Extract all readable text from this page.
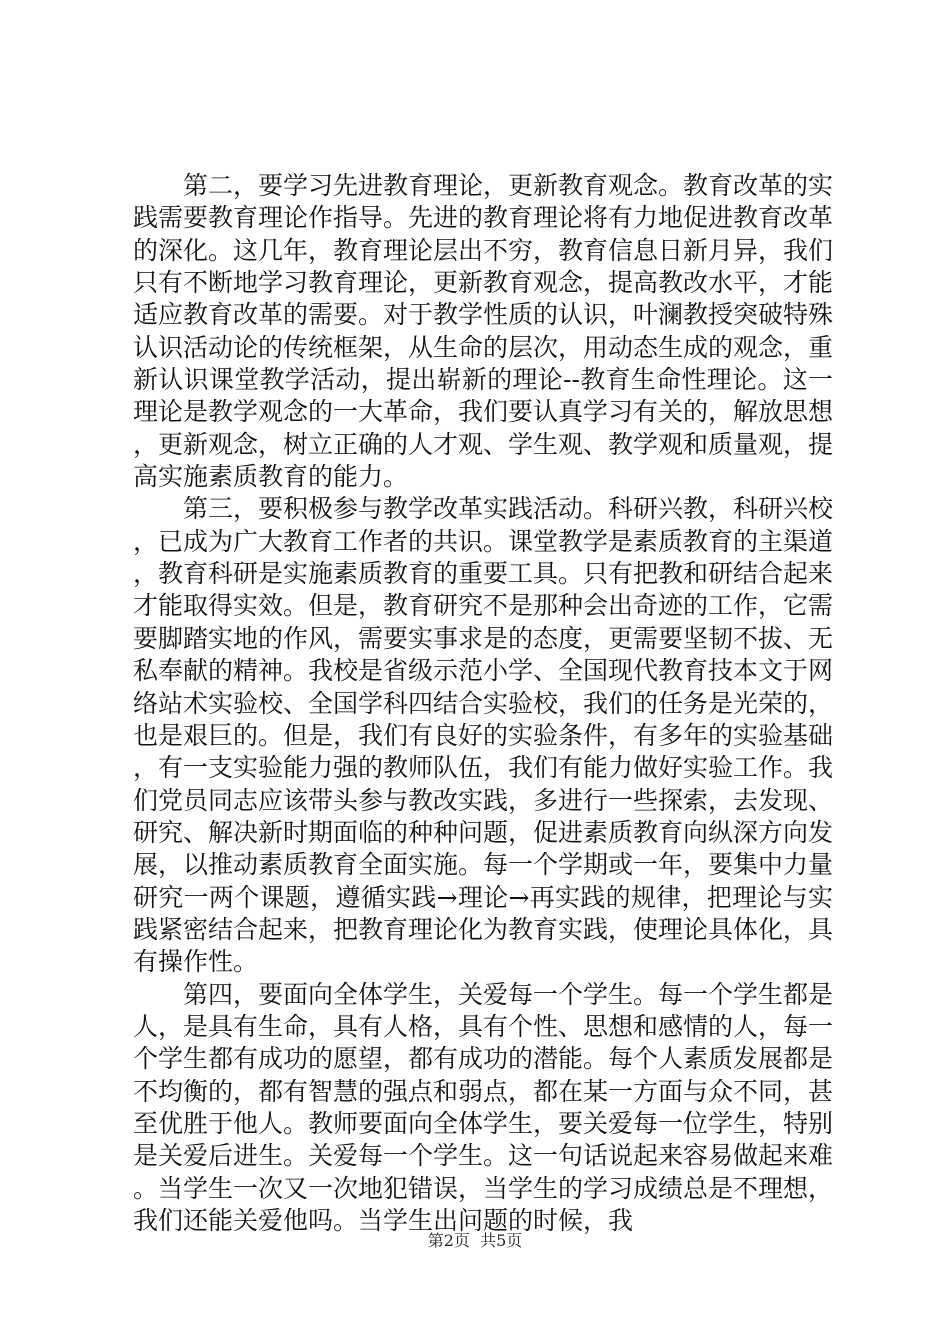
第二，要学习先进教育理论，更新教育观念。教育改革的实践需要教育理论作指导。先进的教育理论将有力地促进教育改革的深化。这几年，教育理论层出不穷，教育信息日新月异，我们只有不断地学习教育理论，更新教育观念，提高教改水平，才能适应教育改革的需要。对于教学性质的认识，叶澜教授突破特殊认识活动论的传统框架，从生命的层次，用动态生成的观念，重新认识课堂教学活动，提出崭新的理论--教育生命性理论。这一理论是教学观念的一大革命，我们要认真学习有关的，解放思想，更新观念，树立正确的人才观、学生观、教学观和质量观，提高实施素质教育的能力。

第三，要积极参与教学改革实践活动。科研兴教，科研兴校，已成为广大教育工作者的共识。课堂教学是素质教育的主渠道，教育科研是实施素质教育的重要工具。只有把教和研结合起来才能取得实效。但是，教育研究不是那种会出奇迹的工作，它需要脚踏实地的作风，需要实事求是的态度，更需要坚韧不拔、无私奉献的精神。我校是省级示范小学、全国现代教育技本文于网络站术实验校、全国学科四结合实验校，我们的任务是光荣的，也是艰巨的。但是，我们有良好的实验条件，有多年的实验基础，有一支实验能力强的教师队伍，我们有能力做好实验工作。我们党员同志应该带头参与教改实践，多进行一些探索，去发现、研究、解决新时期面临的种种问题，促进素质教育向纵深方向发展，以推动素质教育全面实施。每一个学期或一年，要集中力量研究一两个课题，遵循实践→理论→再实践的规律，把理论与实践紧密结合起来，把教育理论化为教育实践，使理论具体化，具有操作性。

第四，要面向全体学生，关爱每一个学生。每一个学生都是人，是具有生命，具有人格，具有个性、思想和感情的人，每一个学生都有成功的愿望，都有成功的潜能。每个人素质发展都是不均衡的，都有智慧的强点和弱点，都在某一方面与众不同，甚至优胜于他人。教师要面向全体学生，要关爱每一位学生，特别是关爱后进生。关爱每一个学生。这一句话说起来容易做起来难。当学生一次又一次地犯错误，当学生的学习成绩总是不理想，我们还能关爱他吗。当学生出问题的时候，我

第2页  共5页
